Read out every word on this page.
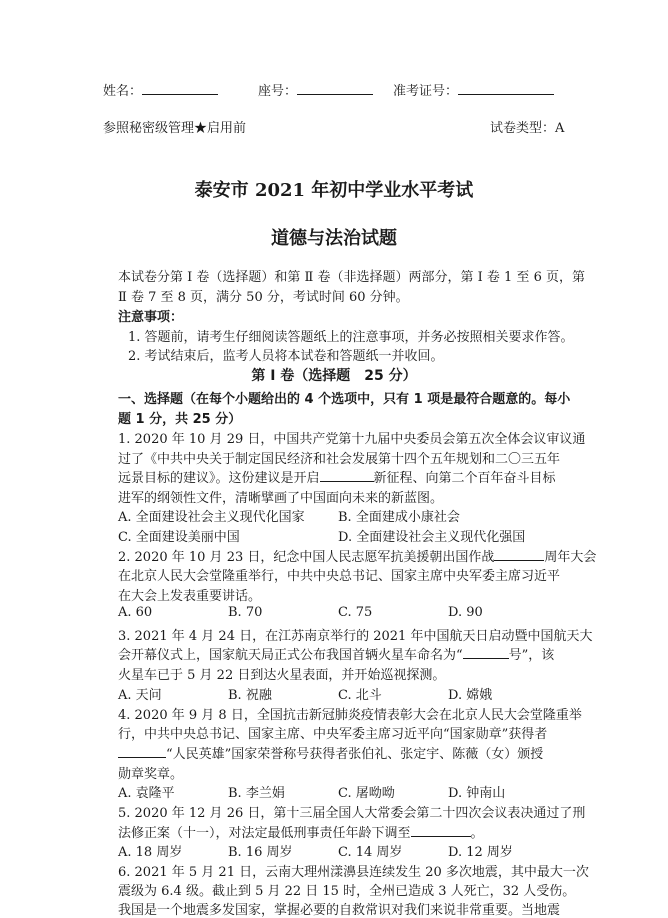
姓名：	座号：	准考证号：
参照秘密级管理★启用前	试卷类型：A
泰安市 2021 年初中学业水平考试
道德与法治试题
本试卷分第 Ⅰ 卷（选择题）和第 Ⅱ 卷（非选择题）两部分，第 Ⅰ 卷 1 至 6 页，第
Ⅱ 卷 7 至 8 页，满分 50 分，考试时间 60 分钟。
注意事项：
1. 答题前，请考生仔细阅读答题纸上的注意事项，并务必按照相关要求作答。
2. 考试结束后，监考人员将本试卷和答题纸一并收回。
第 Ⅰ 卷（选择题　25 分）
一、选择题（在每个小题给出的 4 个选项中，只有 1 项是最符合题意的。每小
题 1 分，共 25 分）
1. 2020 年 10 月 29 日，中国共产党第十九届中央委员会第五次全体会议审议通
过了《中共中央关于制定国民经济和社会发展第十四个五年规划和二〇三五年
远景目标的建议》。这份建议是开启	新征程、向第二个百年奋斗目标
进军的纲领性文件，清晰擘画了中国面向未来的新蓝图。
A. 全面建设社会主义现代化国家	B. 全面建成小康社会
C. 全面建设美丽中国	D. 全面建设社会主义现代化强国
2. 2020 年 10 月 23 日，纪念中国人民志愿军抗美援朝出国作战	周年大会
在北京人民大会堂隆重举行，中共中央总书记、国家主席中央军委主席习近平
在大会上发表重要讲话。
A. 60	B. 70	C. 75	D. 90
3. 2021 年 4 月 24 日，在江苏南京举行的 2021 年中国航天日启动暨中国航天大
会开幕仪式上，国家航天局正式公布我国首辆火星车命名为“	号”，该
火星车已于 5 月 22 日到达火星表面，并开始巡视探测。
A. 天问	B. 祝融	C. 北斗	D. 嫦娥
4. 2020 年 9 月 8 日，全国抗击新冠肺炎疫情表彰大会在北京人民大会堂隆重举
行，中共中央总书记、国家主席、中央军委主席习近平向“国家勋章”获得者
“人民英雄”国家荣誉称号获得者张伯礼、张定宇、陈薇（女）颁授
勋章奖章。
A. 袁隆平	B. 李兰娟	C. 屠呦呦	D. 钟南山
5. 2020 年 12 月 26 日，第十三届全国人大常委会第二十四次会议表决通过了刑
法修正案（十一），对法定最低刑事责任年龄下调至	。
A. 18 周岁	B. 16 周岁	C. 14 周岁	D. 12 周岁
6. 2021 年 5 月 21 日，云南大理州漾濞县连续发生 20 多次地震，其中最大一次
震级为 6.4 级。截止到 5 月 22 日 15 时，全州已造成 3 人死亡，32 人受伤。
我国是一个地震多发国家，掌握必要的自救常识对我们来说非常重要。当地震
